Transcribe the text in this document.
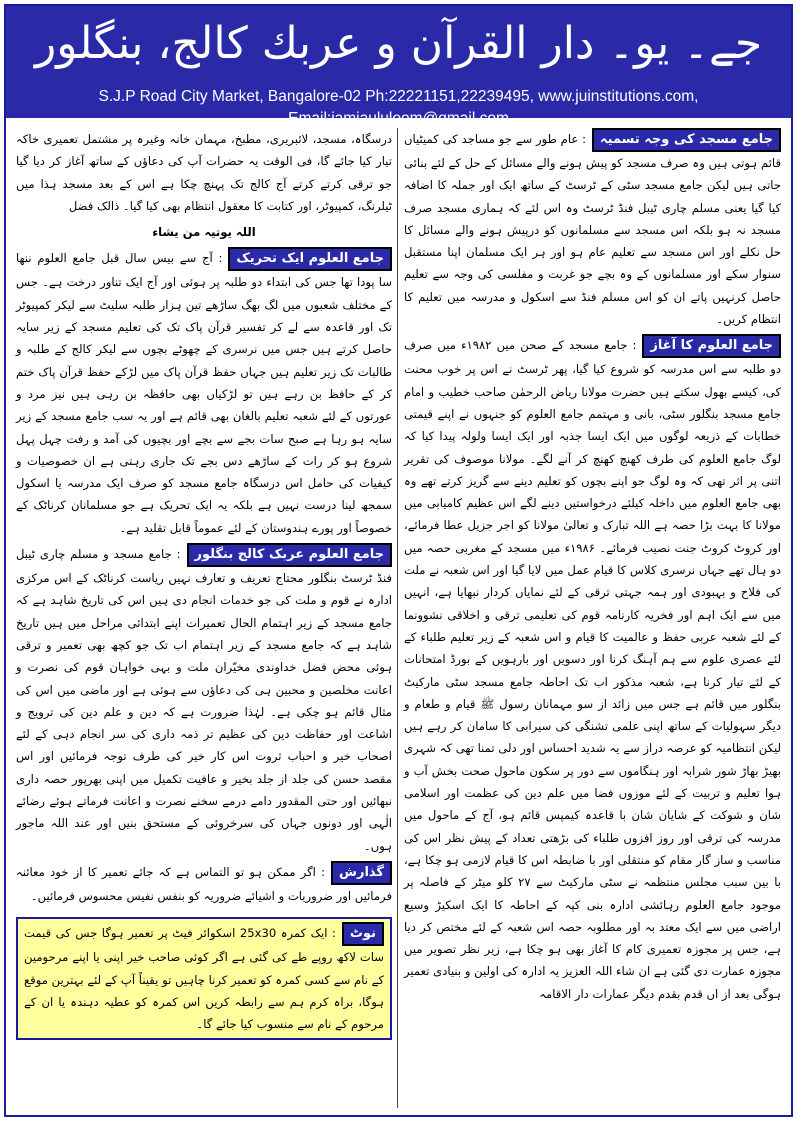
جے۔ یو۔ دار القرآن و عربك كالج، بنگلور
S.J.P Road City Market, Bangalore-02 Ph:22221151,22239495, www.juinstitutions.com, Email:jamiaululoom@gmail.com

جامع مسجد کی وجہ تسمیہ: عام طور سے جو مساجد کی کمیٹیاں قائم ہوتی ہیں وہ صرف مسجد کو پیش ہونے والے مسائل کے حل کے لئے بنائی جاتی ہیں لیکن جامع مسجد سٹی کے ٹرسٹ کے ساتھ ایک اور جملہ کا اضافہ کیا گیا یعنی مسلم چاری ٹیبل فنڈ ٹرسٹ وہ اس لئے کہ ہماری مسجد صرف مسجد نہ ہو بلکہ اس مسجد سے مسلمانوں کو درپیش ہونے والے مسائل کا حل نکلے اور اس مسجد سے تعلیم عام ہو اور ہر ایک مسلمان اپنا مستقبل سنوار سکے اور مسلمانوں کے وہ بچے جو غربت و مفلسی کی وجہ سے تعلیم حاصل کرنہیں پاتے ان کو اس مسلم فنڈ سے اسکول و مدرسہ میں تعلیم کا انتظام کریں۔

جامع العلوم کا آغاز: جامع مسجد کے صحن میں ۱۹۸۲ء میں صرف دو طلبہ سے اس مدرسہ کو شروع کیا گیا، پھر ٹرسٹ نے اس پر خوب محنت کی، کیسے بھول سکتے ہیں حضرت مولانا ریاض الرحمٰن صاحب خطیب و امام جامع مسجد بنگلور سٹی، بانی و مہتمم جامع العلوم کو جنہوں نے اپنے قیمتی خطابات کے ذریعہ لوگوں میں ایک ایسا جذبہ اور ایک ایسا ولولہ پیدا کیا کہ لوگ جامع العلوم کی طرف کھنچ کھنچ کر آنے لگے۔ مولانا موصوف کی تقریر اتنی پر اثر تھی کہ وہ لوگ جو اپنے بچوں کو تعلیم دینے سے گریز کرتے تھے وہ بھی جامع العلوم میں داخلہ کیلئے درخواستیں دینے لگے اس عظیم کامیابی میں مولانا کا بہت بڑا حصہ ہے اللہ تبارک و تعالیٰ مولانا کو اجر جزیل عطا فرمائے، اور کروٹ کروٹ جنت نصیب فرمائے۔ ۱۹۸۶ء میں مسجد کے مغربی حصہ میں دو ہال تھے جہاں نرسری کلاس کا قیام عمل میں لایا گیا اور اس شعبہ نے ملت کی فلاح و بہبودی اور ہمہ جہتی ترقی کے لئے نمایاں کردار نبھایا ہے، انہیں میں سے ایک اہم اور فخریہ کارنامہ قوم کی تعلیمی ترقی و اخلاقی نشوونما کے لئے شعبہ عربی حفظ و عالمیت کا قیام و اس شعبہ کے زیر تعلیم طلباء کے لئے عصری علوم سے ہم آہنگ کرنا اور دسویں اور بارہویں کے بورڈ امتحانات کے لئے تیار کرنا ہے، شعبہ مذکور اب تک احاطہ جامع مسجد سٹی مارکیٹ بنگلور میں قائم ہے جس میں زائد از سو مہمانان رسول ﷺ قیام و طعام و دیگر سہولیات کے ساتھ اپنی علمی تشنگی کی سیرابی کا سامان کر رہے ہیں لیکن انتظامیہ کو عرصہ دراز سے یہ شدید احساس اور دلی تمنا تھی کہ شہری بھیڑ بھاڑ شور شرابہ اور ہنگاموں سے دور پر سکون ماحول صحت بخش آب و ہوا تعلیم و تربیت کے لئے موزوں فضا میں علم دین کی عظمت اور اسلامی شان و شوکت کے شایان شان با قاعدہ کیمپس قائم ہو، آج کے ماحول میں مدرسہ کی ترقی اور روز افزوں طلباء کی بڑھتی تعداد کے پیش نظر اس کی مناسب و ساز گار مقام کو منتقلی اور با ضابطہ اس کا قیام لازمی ہو چکا ہے، با بین سبب مجلس منتظمہ نے سٹی مارکیٹ سے ۲۷ کلو میٹر کے فاصلہ پر موجود جامع العلوم رہائشی ادارہ بنی کپہ کے احاطہ کا ایک اسکیڑ وسیع اراضی میں سے ایک معتد بہ اور مطلوبہ حصہ اس شعبہ کے لئے مختص کر دیا ہے، جس پر مجوزہ تعمیری کام کا آغاز بھی ہو چکا ہے، زیر نظر تصویر میں مجوزہ عمارت دی گئی ہے ان شاء اللہ العزیز یہ ادارہ کی اولین و بنیادی تعمیر ہوگی بعد از اں قدم بقدم دیگر عمارات دار الاقامہ

درسگاہ، مسجد، لائبریری، مطبخ، مہمان خانہ وغیرہ پر مشتمل تعمیری خاکہ تیار کیا جائے گا، فی الوقت یہ حضرات آپ کی دعاؤں کے ساتھ آغاز کر دیا گیا جو ترقی کرتے کرتے آج کالج تک پہنچ چکا ہے اس کے بعد مسجد ہذا میں ٹیلرنگ، کمپیوٹر، اور کتابت کا معقول انتظام بھی کیا گیا۔ ذالک فضل

اللہ یوتیہ من یشاء

جامع العلوم ایک تحریک: آج سے بیس سال قبل جامع العلوم ننھا سا پودا تھا جس کی ابتداء دو طلبہ پر ہوئی اور آج ایک تناور درخت ہے۔ جس کے مختلف شعبوں میں لگ بھگ ساڑھے تین ہزار طلبہ سلیٹ سے لیکر کمپیوٹر تک اور قاعدہ سے لے کر تفسیر قرآن پاک تک کی تعلیم مسجد کے زیر سایہ حاصل کرتے ہیں جس میں نرسری کے چھوٹے بچوں سے لیکر کالج کے طلبہ و طالبات تک زیر تعلیم ہیں جہاں حفظ قرآن پاک میں لڑکے حفظ قرآن پاک ختم کر کے حافظ بن رہے ہیں تو لڑکیاں بھی حافظہ بن رہی ہیں نیز مرد و عورتوں کے لئے شعبہ تعلیم بالغان بھی قائم ہے اور یہ سب جامع مسجد کے زیر سایہ ہو رہا ہے صبح سات بجے سے بچے اور بچیوں کی آمد و رفت چہل پہل شروع ہو کر رات کے ساڑھے دس بجے تک جاری رہتی ہے ان خصوصیات و کیفیات کی حامل اس درسگاہ جامع مسجد کو صرف ایک مدرسہ یا اسکول سمجھ لینا درست نہیں ہے بلکہ یہ ایک تحریک ہے جو مسلمانان کرناٹک کے خصوصاً اور پورے ہندوستان کے لئے عموماً قابل تقلید ہے۔

جامع العلوم عربک کالج بنگلور: جامع مسجد و مسلم چاری ٹیبل فنڈ ٹرسٹ بنگلور محتاج تعریف و تعارف نہیں ریاست کرناٹک کے اس مرکزی ادارہ نے قوم و ملت کی جو خدمات انجام دی ہیں اس کی تاریخ شاہد ہے کہ جامع مسجد کے زیر اہتمام الحال تعمیرات اپنے ابتدائی مراحل میں ہیں تاریخ شاہد ہے کہ جامع مسجد کے زیر اہتمام اب تک جو کچھ بھی تعمیر و ترقی ہوئی محض فضل خداوندی مخیّران ملت و بہی خواہان قوم کی نصرت و اعانت مخلصین و محبین ہی کی دعاؤں سے ہوئی ہے اور ماضی میں اس کی مثال قائم ہو چکی ہے۔ لہٰذا ضرورت ہے کہ دین و علم دین کی ترویج و اشاعت اور حفاظت دین کی عظیم تر ذمہ داری کی سر انجام دہی کے لئے اصحاب خیر و احباب ثروت اس کار خیر کی طرف توجہ فرمائیں اور اس مقصد حسن کی جلد از جلد بخیر و عافیت تکمیل میں اپنی بھرپور حصہ داری نبھائیں اور حتی المقدور دامے درمے سخنے نصرت و اعانت فرماتے ہوئے رضائے الٰہی اور دونوں جہاں کی سرخروئی کے مستحق بنیں اور عند اللہ ماجور ہوں۔

گذارش: اگر ممکن ہو تو التماس ہے کہ جائے تعمیر کا از خود معائنہ فرمائیں اور ضروریات و اشیائے ضروریہ کو بنفس نفیس محسوس فرمائیں۔

نوٹ: ایک کمرہ 25x30 اسکوائر فیٹ پر تعمیر ہوگا جس کی قیمت سات لاکھ روپے طے کی گئی ہے اگر کوئی صاحب خیر اپنی یا اپنے مرحومین کے نام سے کسی کمرہ کو تعمیر کرنا چاہیں تو یقیناً آپ کے لئے بہترین موقع ہوگا، براہ کرم ہم سے رابطہ کریں اس کمرہ کو عطیہ دہندہ یا ان کے مرحوم کے نام سے منسوب کیا جائے گا۔
